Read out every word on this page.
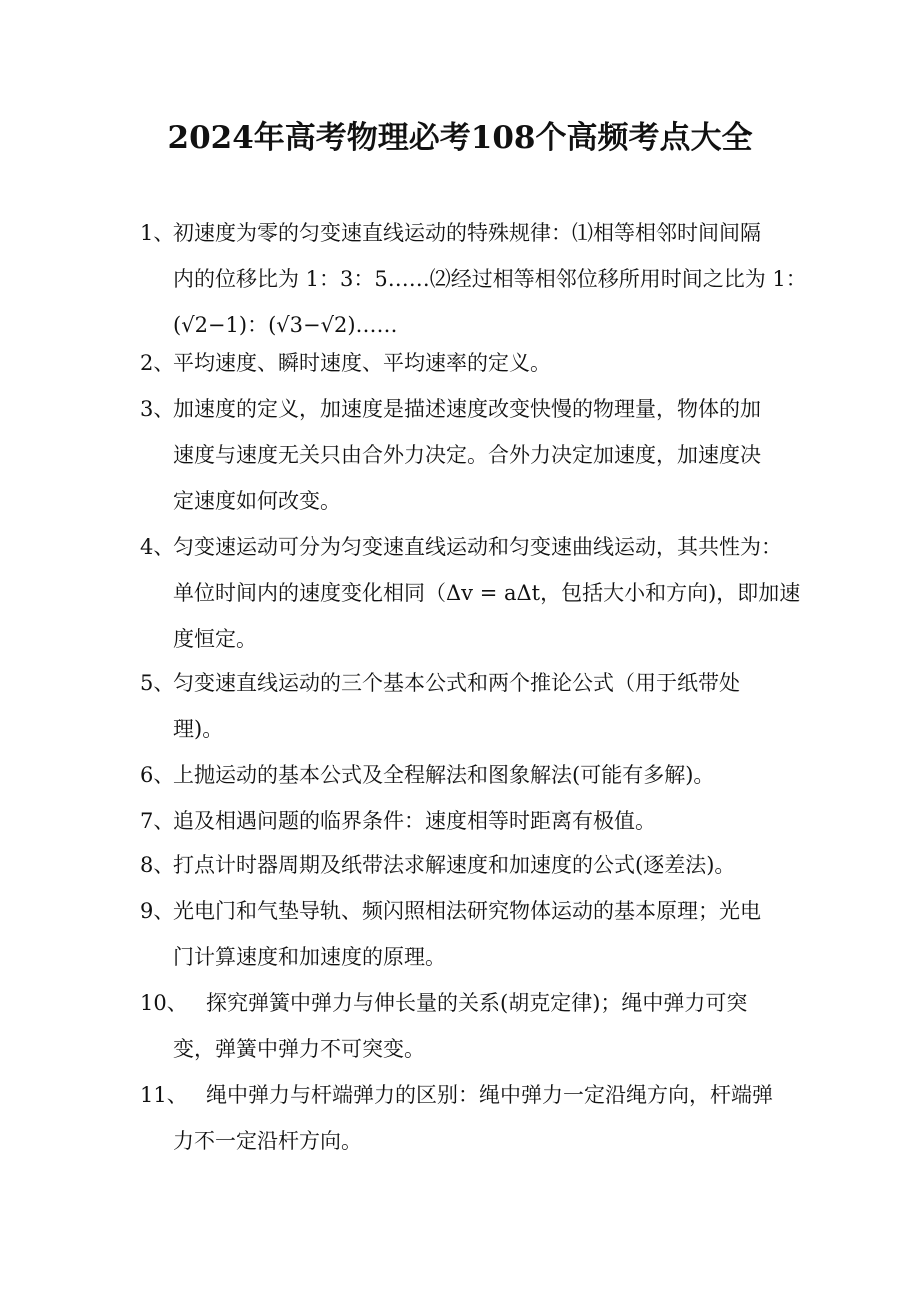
2024年高考物理必考108个高频考点大全
1、
初速度为零的匀变速直线运动的特殊规律：⑴相等相邻时间间隔
内的位移比为 1：3：5……⑵经过相等相邻位移所用时间之比为 1：
(√2−1)：(√3−√2)……
2、
平均速度、瞬时速度、平均速率的定义。
3、
加速度的定义，加速度是描述速度改变快慢的物理量，物体的加
速度与速度无关只由合外力决定。合外力决定加速度，加速度决
定速度如何改变。
4、
匀变速运动可分为匀变速直线运动和匀变速曲线运动，其共性为：
单位时间内的速度变化相同（Δv = aΔt，包括大小和方向)，即加速
度恒定。
5、
匀变速直线运动的三个基本公式和两个推论公式（用于纸带处
理)。
6、
上抛运动的基本公式及全程解法和图象解法(可能有多解)。
7、
追及相遇问题的临界条件：速度相等时距离有极值。
8、
打点计时器周期及纸带法求解速度和加速度的公式(逐差法)。
9、
光电门和气垫导轨、频闪照相法研究物体运动的基本原理；光电
门计算速度和加速度的原理。
10、 探究弹簧中弹力与伸长量的关系(胡克定律)；绳中弹力可突
变，弹簧中弹力不可突变。
11、 绳中弹力与杆端弹力的区别：绳中弹力一定沿绳方向，杆端弹
力不一定沿杆方向。
